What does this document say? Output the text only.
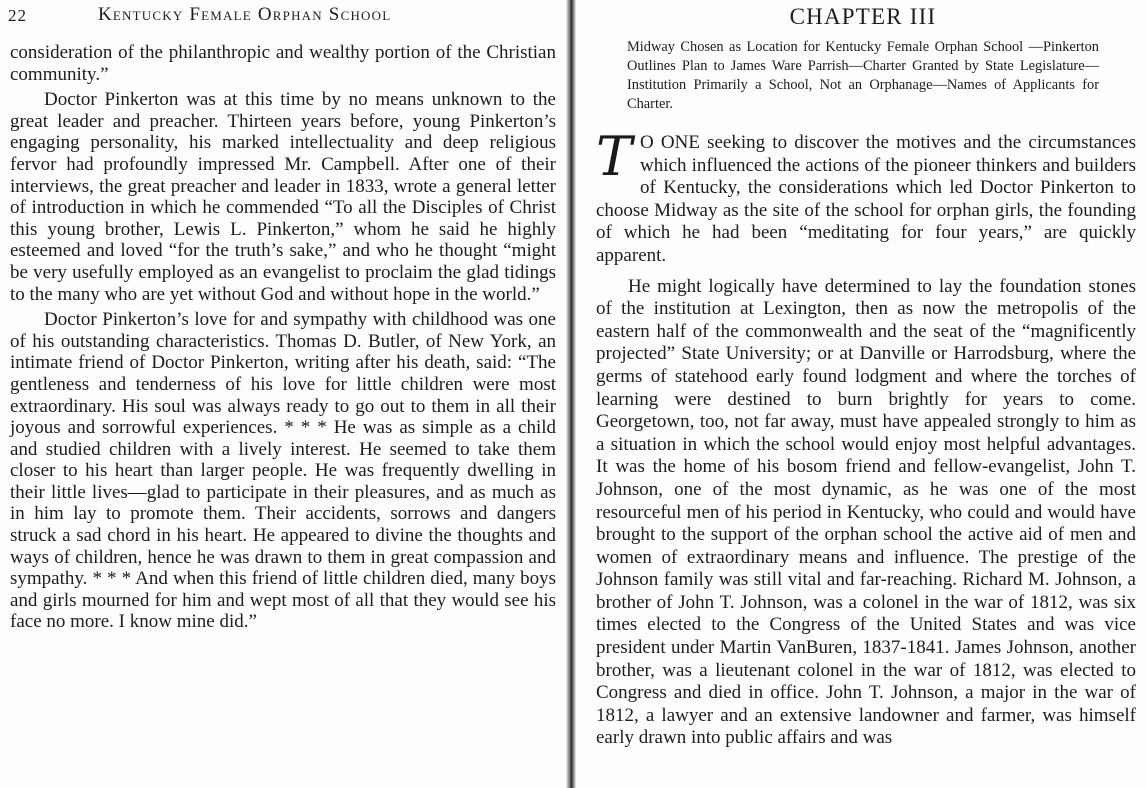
22	Kentucky Female Orphan School

consideration of the philanthropic and wealthy portion of the Christian community.”

Doctor Pinkerton was at this time by no means unknown to the great leader and preacher. Thirteen years before, young Pinkerton’s engaging personality, his marked intellectuality and deep religious fervor had profoundly impressed Mr. Campbell. After one of their interviews, the great preacher and leader in 1833, wrote a general letter of introduction in which he commended “To all the Disciples of Christ this young brother, Lewis L. Pinkerton,” whom he said he highly esteemed and loved “for the truth’s sake,” and who he thought “might be very usefully employed as an evangelist to proclaim the glad tidings to the many who are yet without God and without hope in the world.”

Doctor Pinkerton’s love for and sympathy with childhood was one of his outstanding characteristics. Thomas D. Butler, of New York, an intimate friend of Doctor Pinkerton, writing after his death, said: “The gentleness and tenderness of his love for little children were most extraordinary. His soul was always ready to go out to them in all their joyous and sorrowful experiences. * * * He was as simple as a child and studied children with a lively interest. He seemed to take them closer to his heart than larger people. He was frequently dwelling in their little lives—glad to participate in their pleasures, and as much as in him lay to promote them. Their accidents, sorrows and dangers struck a sad chord in his heart. He appeared to divine the thoughts and ways of children, hence he was drawn to them in great compassion and sympathy. * * * And when this friend of little children died, many boys and girls mourned for him and wept most of all that they would see his face no more. I know mine did.”

CHAPTER III
Midway Chosen as Location for Kentucky Female Orphan School —Pinkerton Outlines Plan to James Ware Parrish—Charter Granted by State Legislature—Institution Primarily a School, Not an Orphanage—Names of Applicants for Charter.

T O ONE seeking to discover the motives and the circumstances which influenced the actions of the pioneer thinkers and builders of Kentucky, the considerations which led Doctor Pinkerton to choose Midway as the site of the school for orphan girls, the founding of which he had been “meditating for four years,” are quickly apparent.

He might logically have determined to lay the foundation stones of the institution at Lexington, then as now the metropolis of the eastern half of the commonwealth and the seat of the “magnificently projected” State University; or at Danville or Harrodsburg, where the germs of statehood early found lodgment and where the torches of learning were destined to burn brightly for years to come. Georgetown, too, not far away, must have appealed strongly to him as a situation in which the school would enjoy most helpful advantages. It was the home of his bosom friend and fellow-evangelist, John T. Johnson, one of the most dynamic, as he was one of the most resourceful men of his period in Kentucky, who could and would have brought to the support of the orphan school the active aid of men and women of extraordinary means and influence. The prestige of the Johnson family was still vital and far-reaching. Richard M. Johnson, a brother of John T. Johnson, was a colonel in the war of 1812, was six times elected to the Congress of the United States and was vice president under Martin VanBuren, 1837-1841. James Johnson, another brother, was a lieutenant colonel in the war of 1812, was elected to Congress and died in office. John T. Johnson, a major in the war of 1812, a lawyer and an extensive landowner and farmer, was himself early drawn into public affairs and was
